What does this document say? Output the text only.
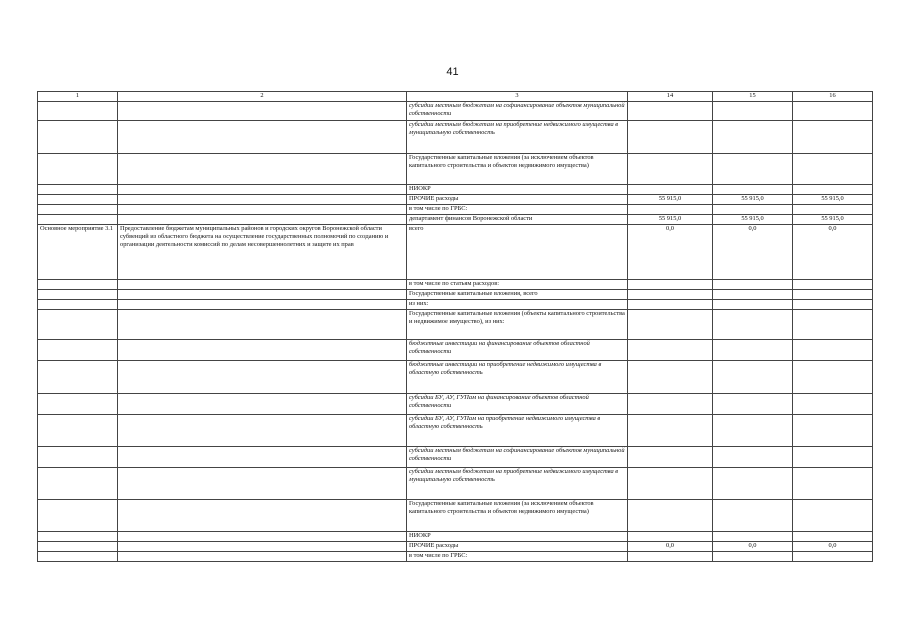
41
1	2	3	14	15	16
		субсидии местным бюджетам на софинансирование объектов муниципальной собственности			
		субсидии местным бюджетам на приобретение недвижимого имущества в муниципальную собственность			
		Государственные капитальные вложения (за исключением объектов капитального строительства и объектов недвижимого имущества)			
		НИОКР			
		ПРОЧИЕ расходы	55 915,0	55 915,0	55 915,0
		в том числе по ГРБС:			
		департамент финансов Воронежской области	55 915,0	55 915,0	55 915,0
Основное мероприятие 3.1	Предоставление бюджетам муниципальных районов и городских округов Воронежской области субвенций из областного бюджета на осуществление государственных полномочий по созданию и организации деятельности комиссий по делам несовершеннолетних и защите их прав	всего	0,0	0,0	0,0
		в том числе по статьям расходов:			
		Государственные капитальные вложения, всего			
		из них:			
		Государственные капитальные вложения (объекты капитального строительства и недвижимое имущество), из них:			
		бюджетные инвестиции на финансирование объектов областной собственности			
		бюджетные инвестиции на приобретение недвижимого имущества в областную собственность			
		субсидии БУ, АУ, ГУПам на финансирование объектов областной собственности			
		субсидии БУ, АУ, ГУПам на приобретение недвижимого имущества в областную собственность			
		субсидии местным бюджетам на софинансирование объектов муниципальной собственности			
		субсидии местным бюджетам на приобретение недвижимого имущества в муниципальную собственность			
		Государственные капитальные вложения (за исключением объектов капитального строительства и объектов недвижимого имущества)			
		НИОКР			
		ПРОЧИЕ расходы	0,0	0,0	0,0
		в том числе по ГРБС:			
